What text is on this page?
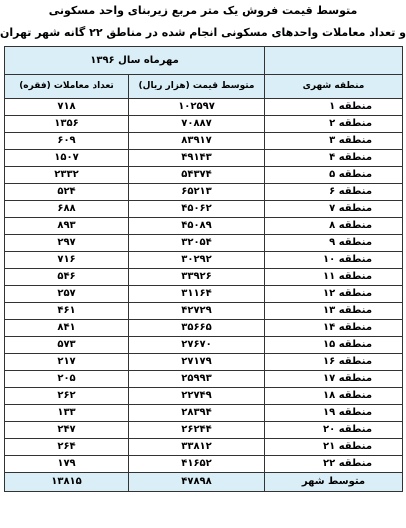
متوسط قیمت فروش یک متر مربع زیربنای واحد مسکونی
و تعداد معاملات واحدهای مسکونی انجام شده در مناطق ۲۲ گانه شهر تهران
	مهرماه سال ۱۳۹۶	
منطقه شهری	متوسط قیمت (هزار ریال)	تعداد معاملات (فقره)
منطقه ۱	۱۰۲۵۹۷	۷۱۸
منطقه ۲	۷۰۸۸۷	۱۳۵۶
منطقه ۳	۸۳۹۱۷	۶۰۹
منطقه ۴	۴۹۱۴۳	۱۵۰۷
منطقه ۵	۵۴۳۷۴	۲۳۳۲
منطقه ۶	۶۵۲۱۳	۵۲۴
منطقه ۷	۴۵۰۶۲	۶۸۸
منطقه ۸	۴۵۰۸۹	۸۹۳
منطقه ۹	۳۲۰۵۴	۲۹۷
منطقه ۱۰	۳۰۲۹۲	۷۱۶
منطقه ۱۱	۳۳۹۲۶	۵۴۶
منطقه ۱۲	۳۱۱۶۴	۲۵۷
منطقه ۱۳	۴۲۷۲۹	۴۶۱
منطقه ۱۴	۳۵۶۶۵	۸۴۱
منطقه ۱۵	۲۷۶۷۰	۵۷۳
منطقه ۱۶	۲۷۱۷۹	۲۱۷
منطقه ۱۷	۲۵۹۹۳	۲۰۵
منطقه ۱۸	۲۲۷۴۹	۲۶۲
منطقه ۱۹	۲۸۳۹۴	۱۳۳
منطقه ۲۰	۲۶۲۴۴	۲۴۷
منطقه ۲۱	۳۳۸۱۲	۲۶۴
منطقه ۲۲	۴۱۶۵۲	۱۷۹
متوسط شهر	۴۷۸۹۸	۱۳۸۱۵
